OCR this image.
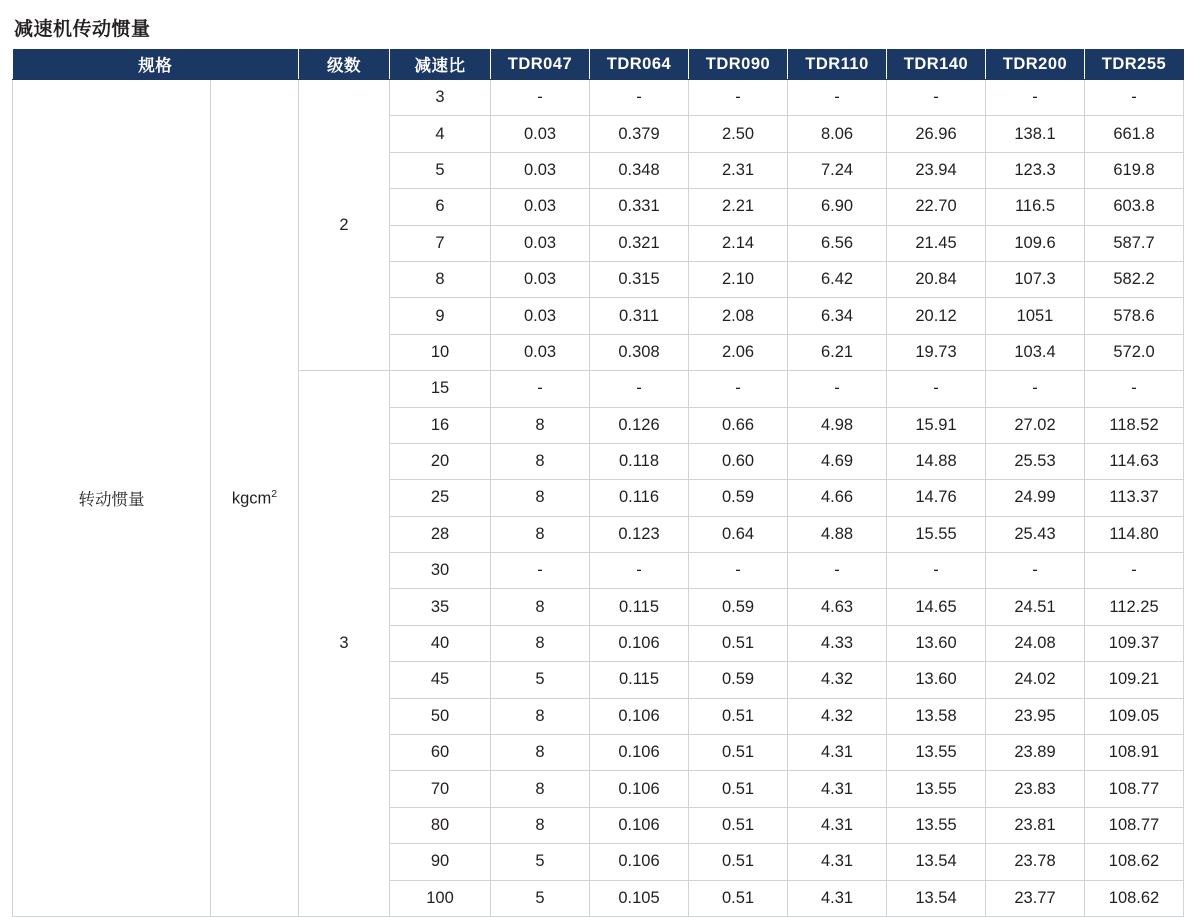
减速机传动惯量
规格		级数	减速比	TDR047	TDR064	TDR090	TDR110	TDR140	TDR200	TDR255
转动惯量	kgcm$^2$	2	3	-	-	-	-	-	-	-
			4	0.03	0.379	2.50	8.06	26.96	138.1	661.8
			5	0.03	0.348	2.31	7.24	23.94	123.3	619.8
			6	0.03	0.331	2.21	6.90	22.70	116.5	603.8
			7	0.03	0.321	2.14	6.56	21.45	109.6	587.7
			8	0.03	0.315	2.10	6.42	20.84	107.3	582.2
			9	0.03	0.311	2.08	6.34	20.12	1051	578.6
			10	0.03	0.308	2.06	6.21	19.73	103.4	572.0
		3	15	-	-	-	-	-	-	-
			16	8	0.126	0.66	4.98	15.91	27.02	118.52
			20	8	0.118	0.60	4.69	14.88	25.53	114.63
			25	8	0.116	0.59	4.66	14.76	24.99	113.37
			28	8	0.123	0.64	4.88	15.55	25.43	114.80
			30	-	-	-	-	-	-	-
			35	8	0.115	0.59	4.63	14.65	24.51	112.25
			40	8	0.106	0.51	4.33	13.60	24.08	109.37
			45	5	0.115	0.59	4.32	13.60	24.02	109.21
			50	8	0.106	0.51	4.32	13.58	23.95	109.05
			60	8	0.106	0.51	4.31	13.55	23.89	108.91
			70	8	0.106	0.51	4.31	13.55	23.83	108.77
			80	8	0.106	0.51	4.31	13.55	23.81	108.77
			90	5	0.106	0.51	4.31	13.54	23.78	108.62
			100	5	0.105	0.51	4.31	13.54	23.77	108.62
